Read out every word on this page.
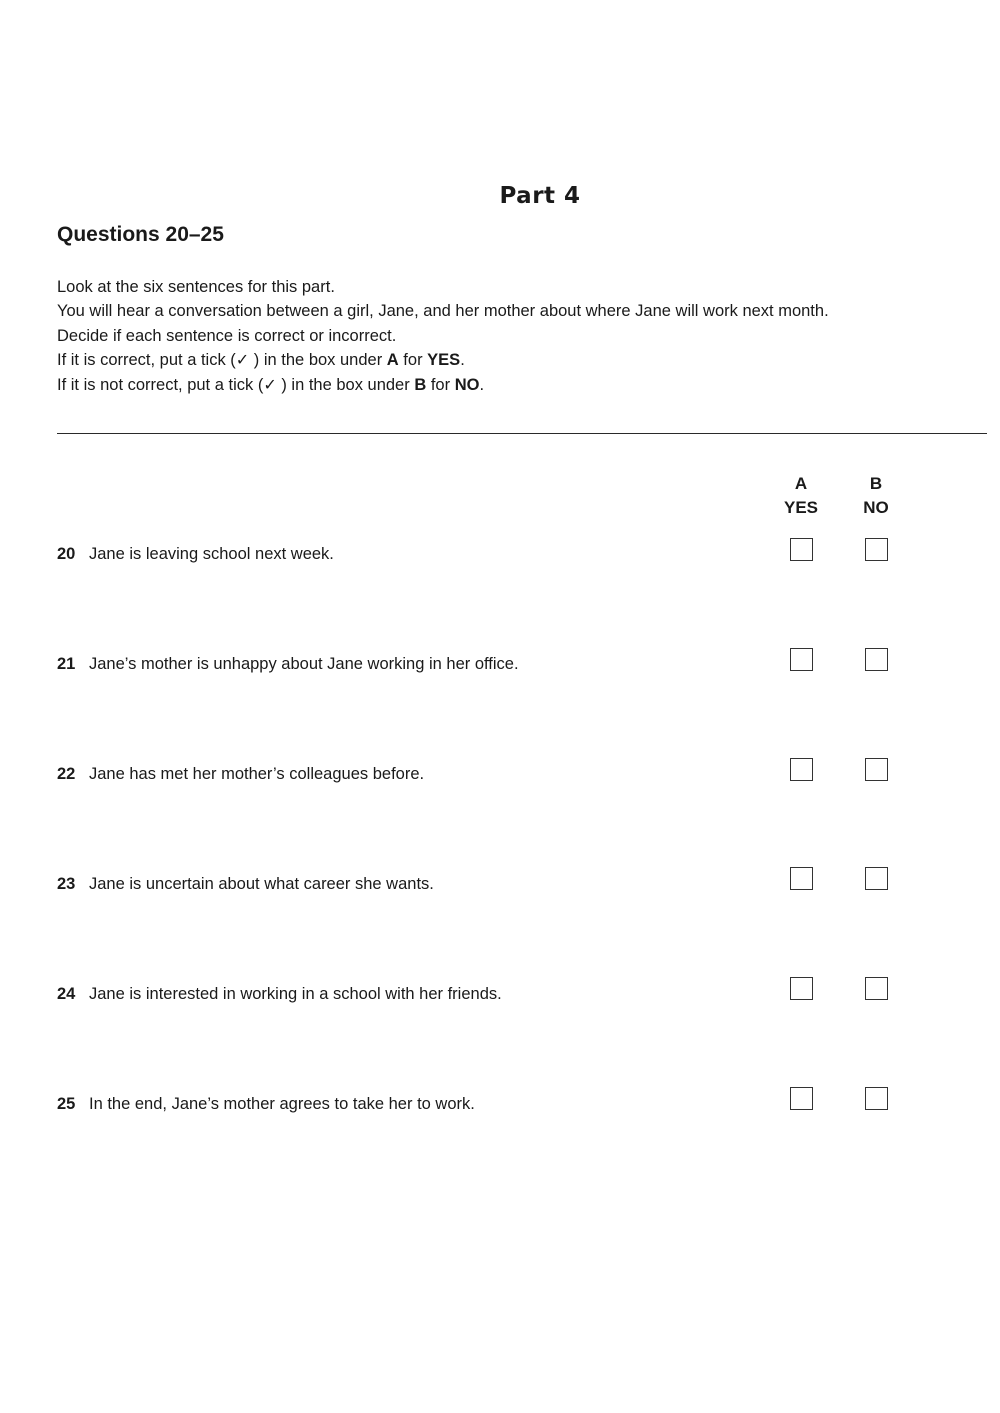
Part 4
Questions 20–25
Look at the six sentences for this part.
You will hear a conversation between a girl, Jane, and her mother about where Jane will work next month.
Decide if each sentence is correct or incorrect.
If it is correct, put a tick (✓ ) in the box under A for YES.
If it is not correct, put a tick (✓ ) in the box under B for NO.
A
YES
B
NO
20 Jane is leaving school next week.
21 Jane’s mother is unhappy about Jane working in her office.
22 Jane has met her mother’s colleagues before.
23 Jane is uncertain about what career she wants.
24 Jane is interested in working in a school with her friends.
25 In the end, Jane’s mother agrees to take her to work.
